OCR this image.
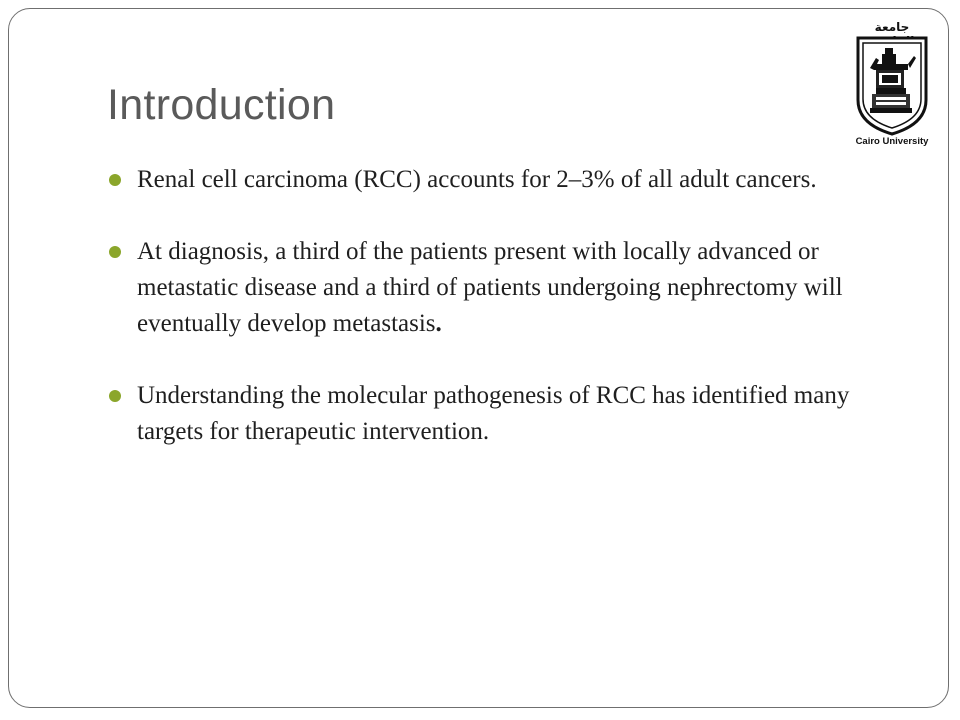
Introduction
جامعة
Cairo University
Renal cell carcinoma (RCC) accounts for 2–3% of all adult cancers.
At diagnosis, a third of the patients present with locally advanced or metastatic disease and a third of patients undergoing nephrectomy will eventually develop metastasis.
Understanding the molecular pathogenesis of RCC has identified many targets for therapeutic intervention.
